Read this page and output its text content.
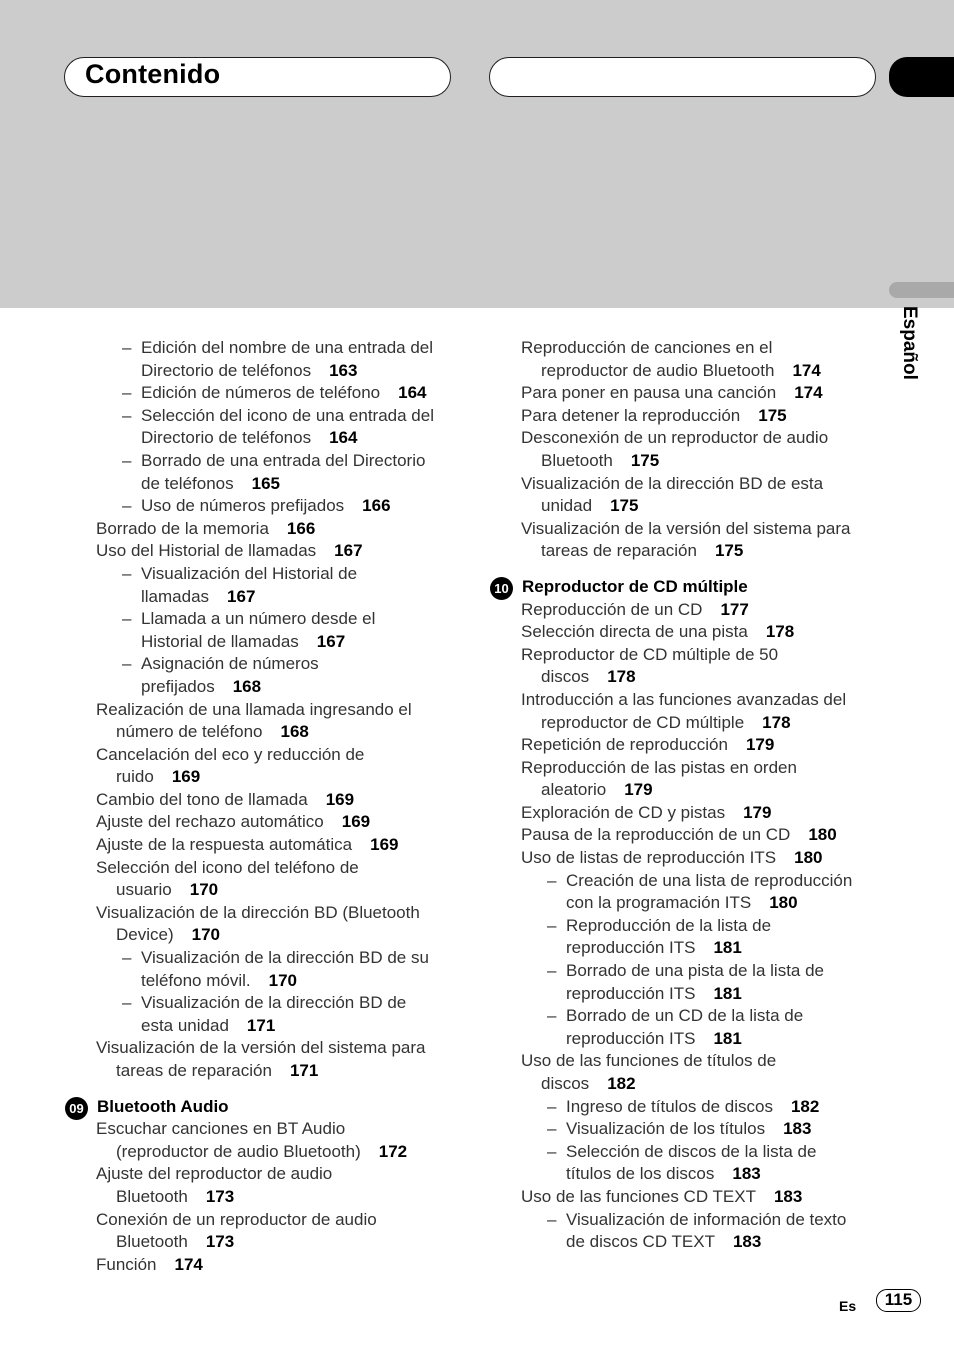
Contenido
Español
– Edición del nombre de una entrada del
Directorio de teléfonos 163
– Edición de números de teléfono 164
– Selección del icono de una entrada del
Directorio de teléfonos 164
– Borrado de una entrada del Directorio
de teléfonos 165
– Uso de números prefijados 166
Borrado de la memoria 166
Uso del Historial de llamadas 167
– Visualización del Historial de
llamadas 167
– Llamada a un número desde el
Historial de llamadas 167
– Asignación de números
prefijados 168
Realización de una llamada ingresando el
número de teléfono 168
Cancelación del eco y reducción de
ruido 169
Cambio del tono de llamada 169
Ajuste del rechazo automático 169
Ajuste de la respuesta automática 169
Selección del icono del teléfono de
usuario 170
Visualización de la dirección BD (Bluetooth
Device) 170
– Visualización de la dirección BD de su
teléfono móvil. 170
– Visualización de la dirección BD de
esta unidad 171
Visualización de la versión del sistema para
tareas de reparación 171
09 Bluetooth Audio
Escuchar canciones en BT Audio
(reproductor de audio Bluetooth) 172
Ajuste del reproductor de audio
Bluetooth 173
Conexión de un reproductor de audio
Bluetooth 173
Función 174
Reproducción de canciones en el
reproductor de audio Bluetooth 174
Para poner en pausa una canción 174
Para detener la reproducción 175
Desconexión de un reproductor de audio
Bluetooth 175
Visualización de la dirección BD de esta
unidad 175
Visualización de la versión del sistema para
tareas de reparación 175
10 Reproductor de CD múltiple
Reproducción de un CD 177
Selección directa de una pista 178
Reproductor de CD múltiple de 50
discos 178
Introducción a las funciones avanzadas del
reproductor de CD múltiple 178
Repetición de reproducción 179
Reproducción de las pistas en orden
aleatorio 179
Exploración de CD y pistas 179
Pausa de la reproducción de un CD 180
Uso de listas de reproducción ITS 180
– Creación de una lista de reproducción
con la programación ITS 180
– Reproducción de la lista de
reproducción ITS 181
– Borrado de una pista de la lista de
reproducción ITS 181
– Borrado de un CD de la lista de
reproducción ITS 181
Uso de las funciones de títulos de
discos 182
– Ingreso de títulos de discos 182
– Visualización de los títulos 183
– Selección de discos de la lista de
títulos de los discos 183
Uso de las funciones CD TEXT 183
– Visualización de información de texto
de discos CD TEXT 183
Es	115
